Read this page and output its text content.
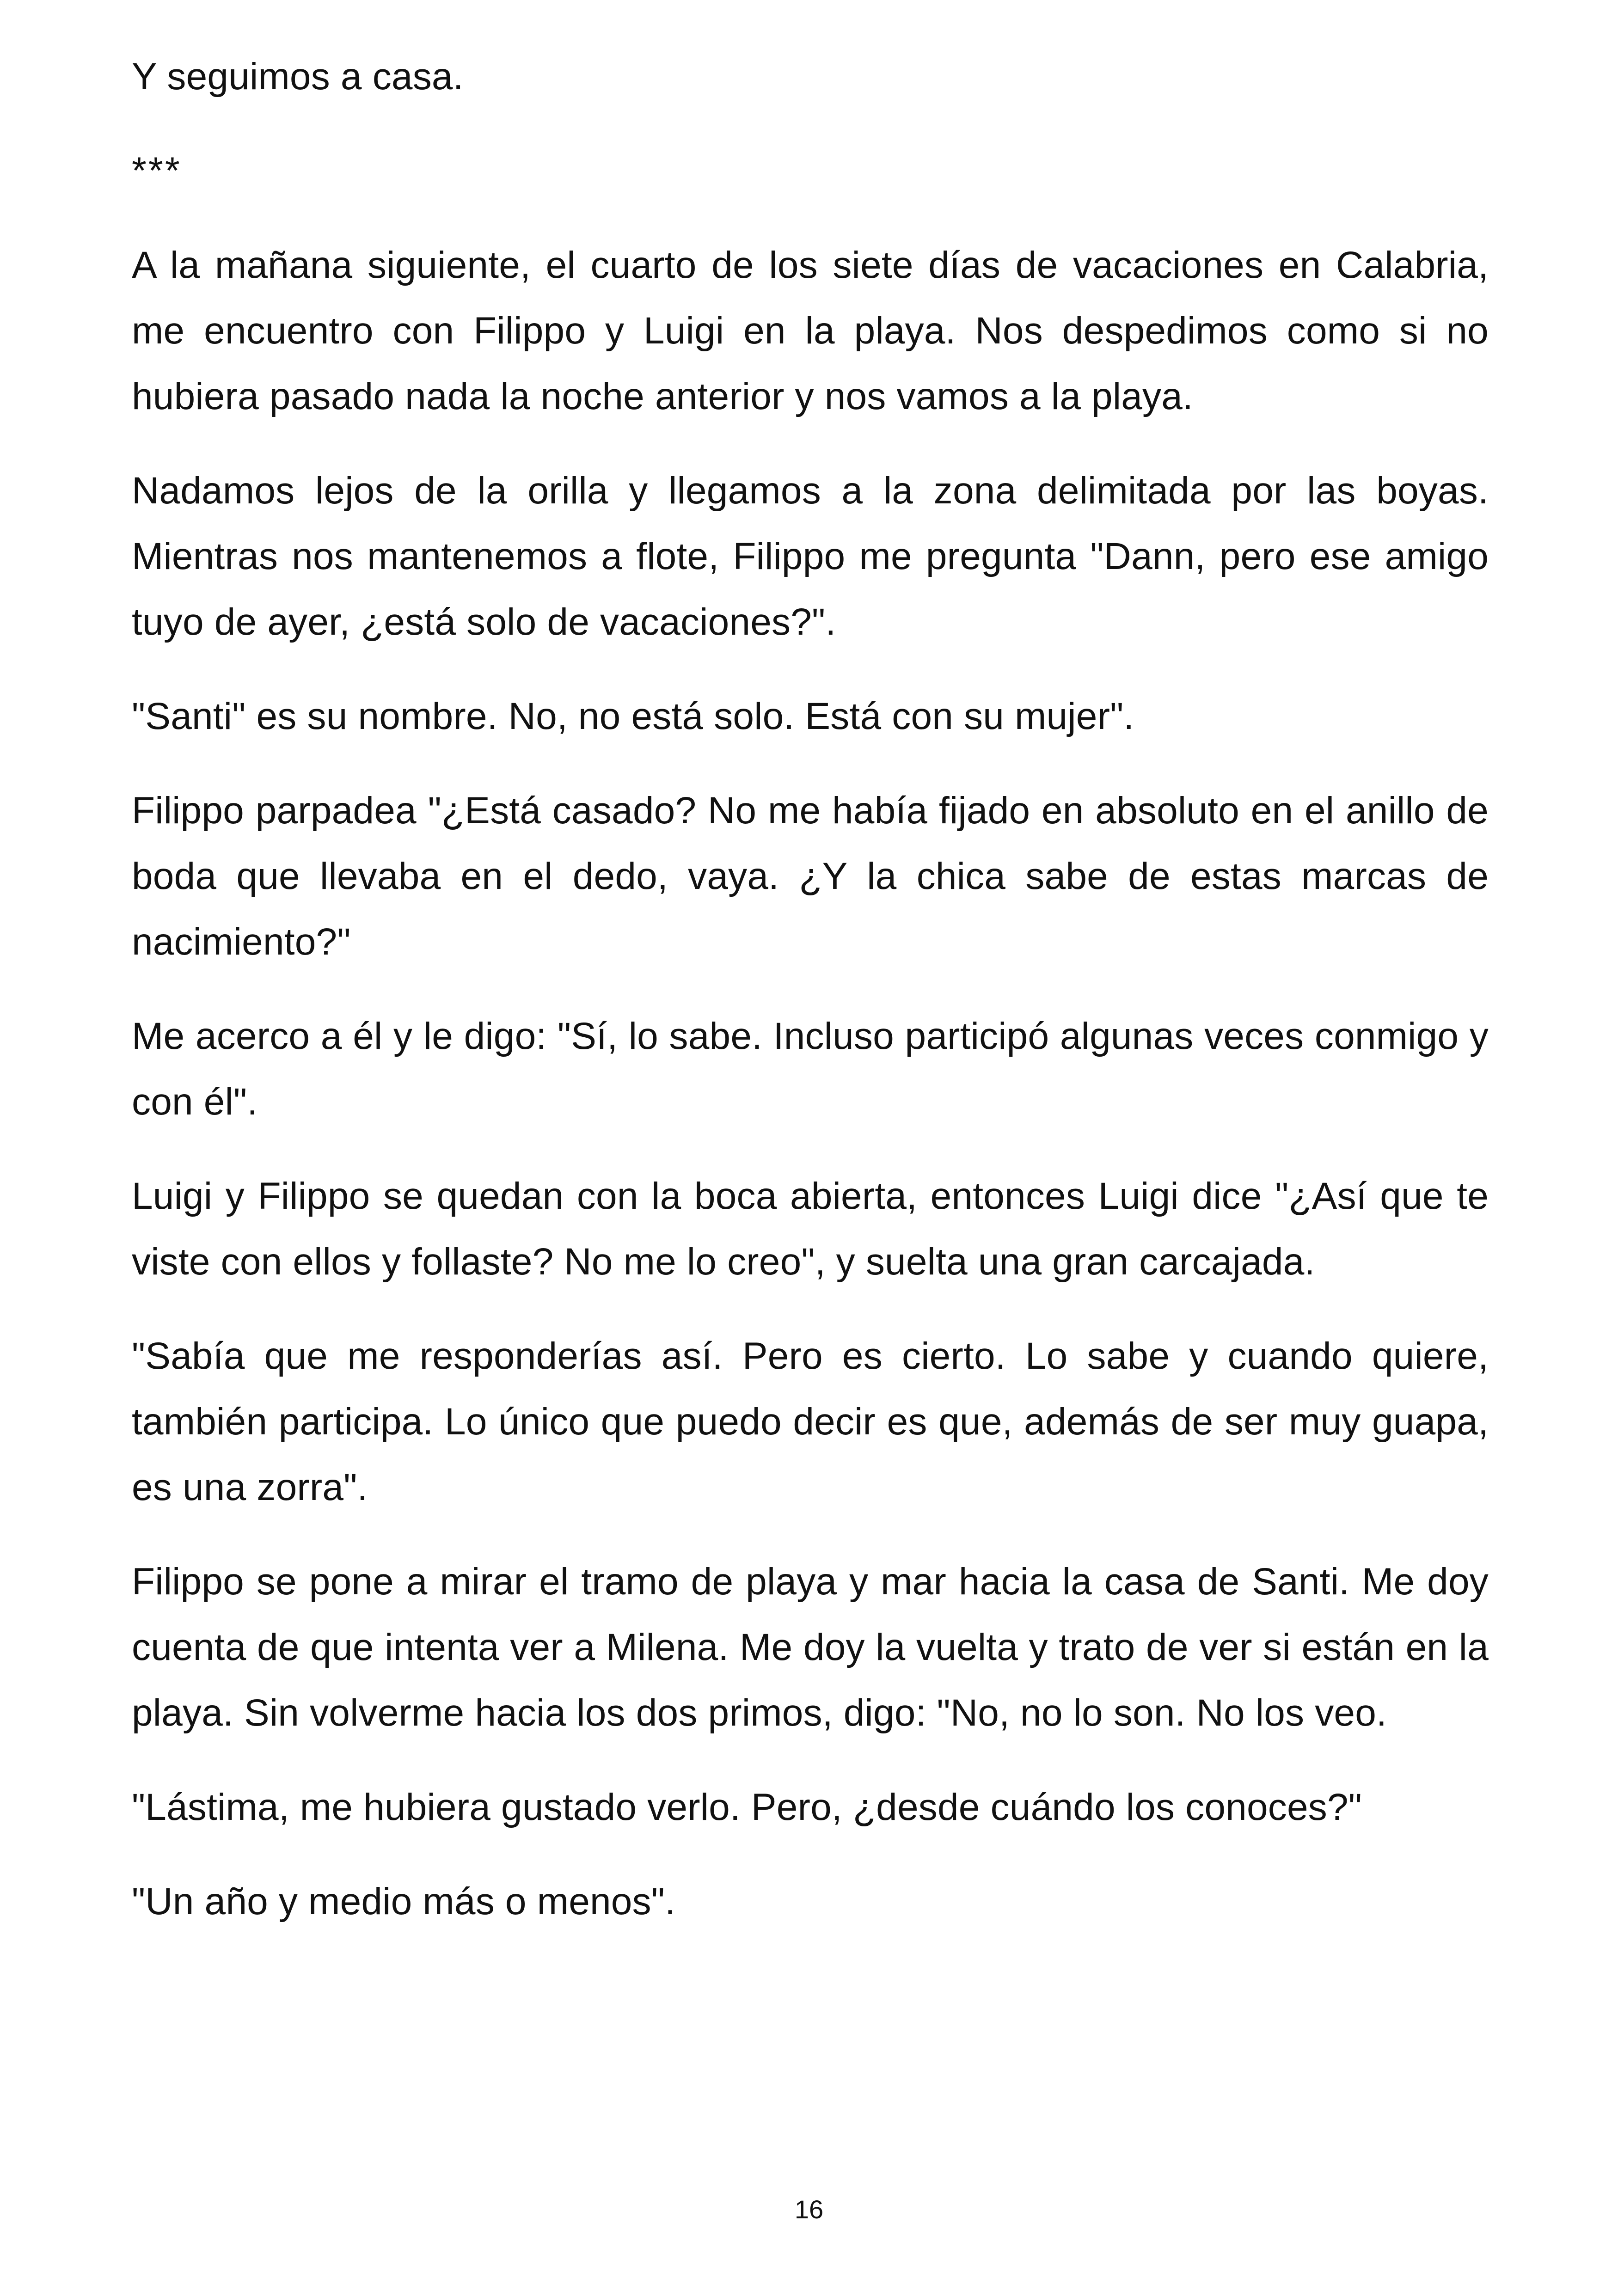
Y seguimos a casa.

***

A la mañana siguiente, el cuarto de los siete días de vacaciones en Calabria, me encuentro con Filippo y Luigi en la playa. Nos despedimos como si no hubiera pasado nada la noche anterior y nos vamos a la playa.

Nadamos lejos de la orilla y llegamos a la zona delimitada por las boyas. Mientras nos mantenemos a flote, Filippo me pregunta "Dann, pero ese amigo tuyo de ayer, ¿está solo de vacaciones?".

"Santi" es su nombre. No, no está solo. Está con su mujer".

Filippo parpadea "¿Está casado? No me había fijado en absoluto en el anillo de boda que llevaba en el dedo, vaya. ¿Y la chica sabe de estas marcas de nacimiento?"

Me acerco a él y le digo: "Sí, lo sabe. Incluso participó algunas veces conmigo y con él".

Luigi y Filippo se quedan con la boca abierta, entonces Luigi dice "¿Así que te viste con ellos y follaste? No me lo creo", y suelta una gran carcajada.

"Sabía que me responderías así. Pero es cierto. Lo sabe y cuando quiere, también participa. Lo único que puedo decir es que, además de ser muy guapa, es una zorra".

Filippo se pone a mirar el tramo de playa y mar hacia la casa de Santi. Me doy cuenta de que intenta ver a Milena. Me doy la vuelta y trato de ver si están en la playa. Sin volverme hacia los dos primos, digo: "No, no lo son. No los veo.

"Lástima, me hubiera gustado verlo. Pero, ¿desde cuándo los conoces?"

"Un año y medio más o menos".

16
